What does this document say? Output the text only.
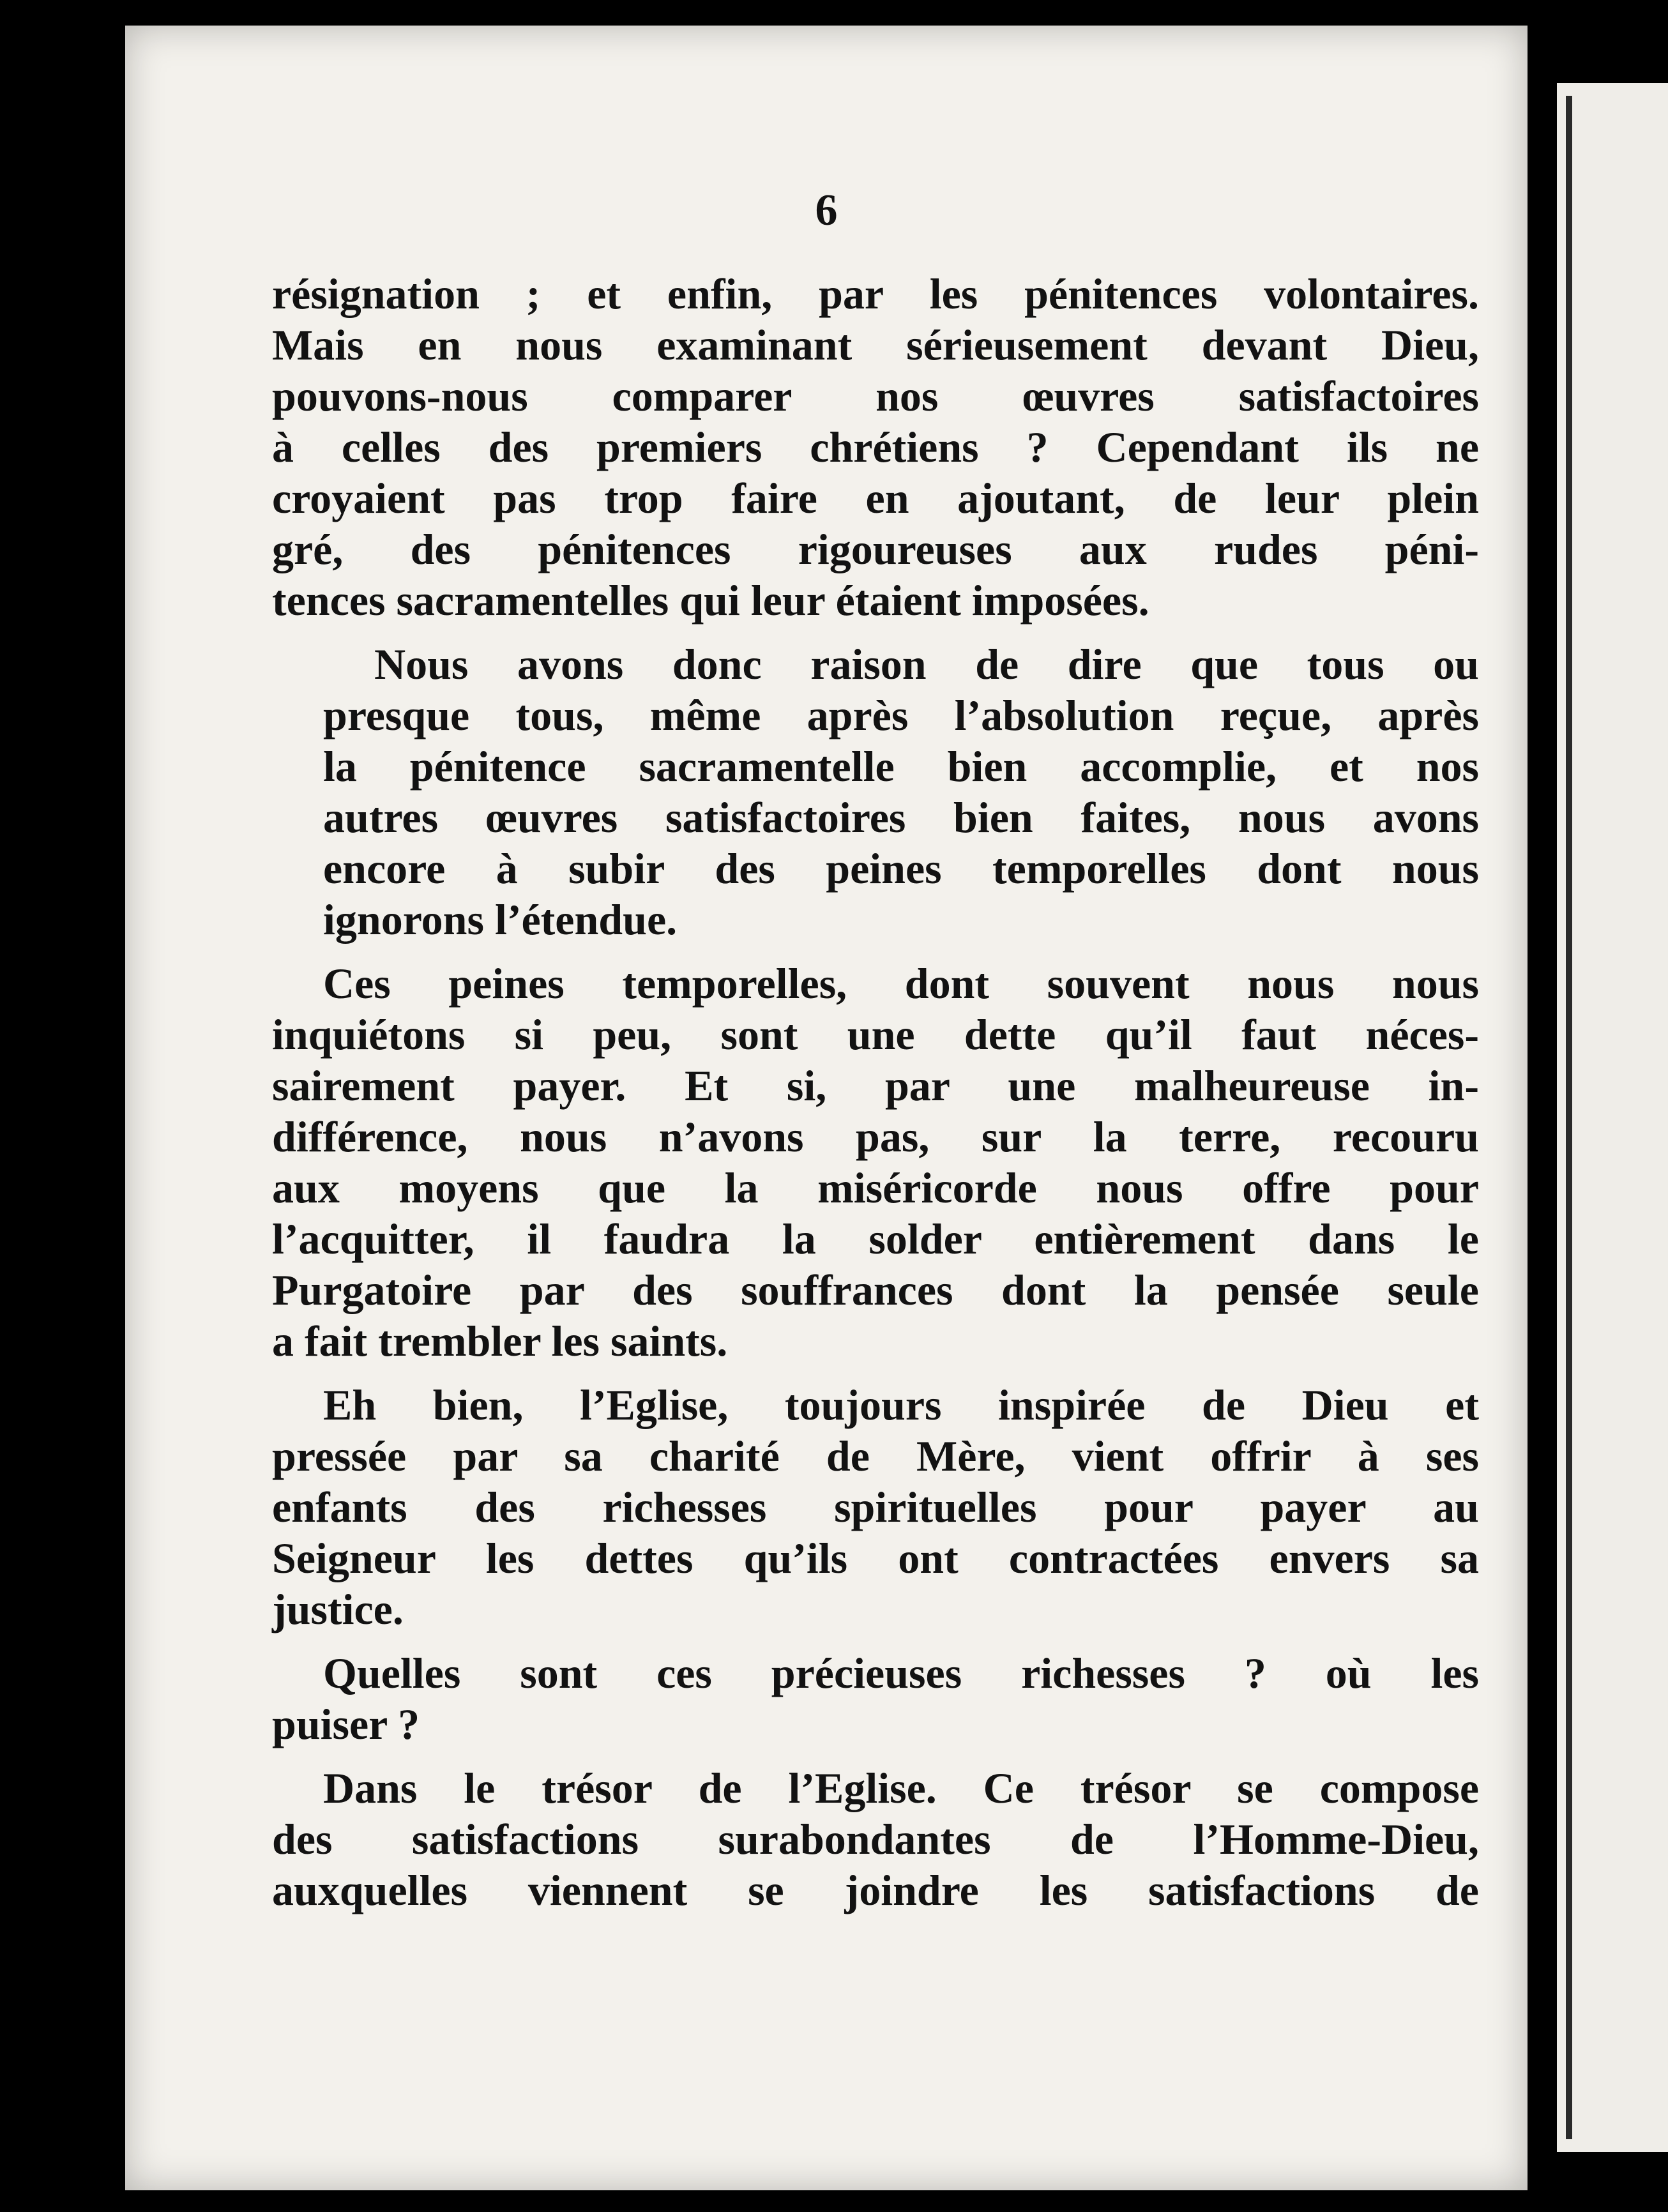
6
résignation ; et enfin, par les pénitences volontaires.
Mais en nous examinant sérieusement devant Dieu,
pouvons-nous comparer nos œuvres satisfactoires
à celles des premiers chrétiens ? Cependant ils ne
croyaient pas trop faire en ajoutant, de leur plein
gré, des pénitences rigoureuses aux rudes péni-
tences sacramentelles qui leur étaient imposées.
Nous avons donc raison de dire que tous ou
presque tous, même après l’absolution reçue, après
la pénitence sacramentelle bien accomplie, et nos
autres œuvres satisfactoires bien faites, nous avons
encore à subir des peines temporelles dont nous
ignorons l’étendue.
Ces peines temporelles, dont souvent nous nous
inquiétons si peu, sont une dette qu’il faut néces-
sairement payer. Et si, par une malheureuse in-
différence, nous n’avons pas, sur la terre, recouru
aux moyens que la miséricorde nous offre pour
l’acquitter, il faudra la solder entièrement dans le
Purgatoire par des souffrances dont la pensée seule
a fait trembler les saints.
Eh bien, l’Eglise, toujours inspirée de Dieu et
pressée par sa charité de Mère, vient offrir à ses
enfants des richesses spirituelles pour payer au
Seigneur les dettes qu’ils ont contractées envers sa
justice.
Quelles sont ces précieuses richesses ? où les
puiser ?
Dans le trésor de l’Eglise. Ce trésor se compose
des satisfactions surabondantes de l’Homme-Dieu,
auxquelles viennent se joindre les satisfactions de
